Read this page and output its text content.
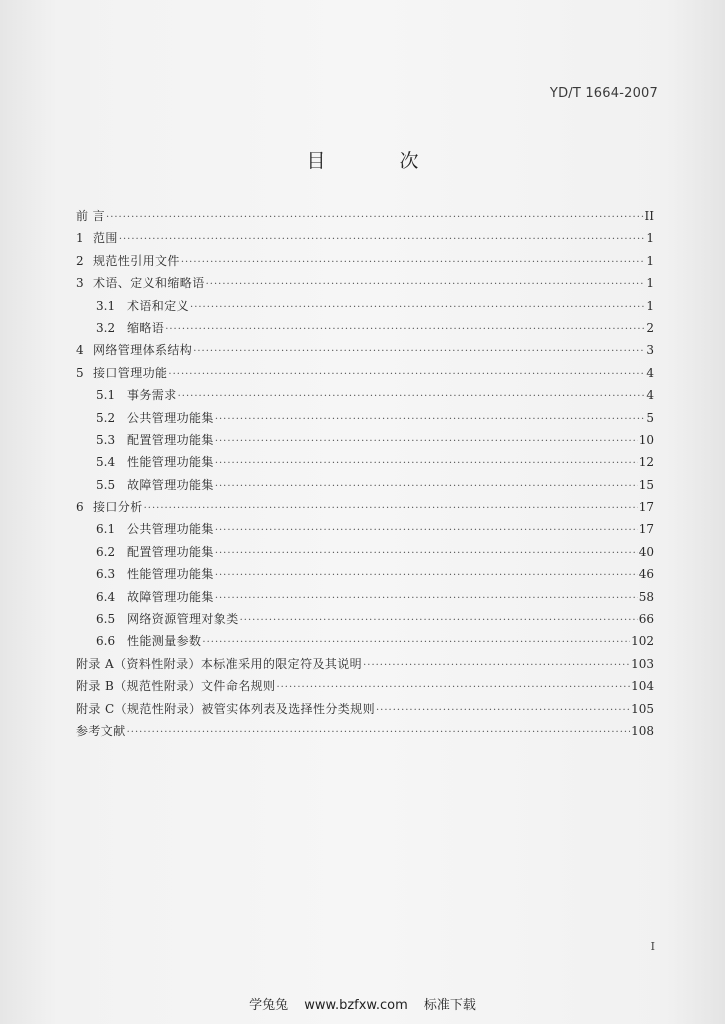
YD/T 1664-2007
目 次
前 言 ·····	II
1 范围 ·····	1
2 规范性引用文件 ·····	1
3 术语、定义和缩略语 ·····	1
3.1 术语和定义 ·····	1
3.2 缩略语 ·····	2
4 网络管理体系结构 ·····	3
5 接口管理功能 ·····	4
5.1 事务需求 ·····	4
5.2 公共管理功能集 ·····	5
5.3 配置管理功能集 ·····	10
5.4 性能管理功能集 ·····	12
5.5 故障管理功能集 ·····	15
6 接口分析 ·····	17
6.1 公共管理功能集 ·····	17
6.2 配置管理功能集 ·····	40
6.3 性能管理功能集 ·····	46
6.4 故障管理功能集 ·····	58
6.5 网络资源管理对象类 ·····	66
6.6 性能测量参数 ·····	102
附录 A（资料性附录）本标准采用的限定符及其说明 ·····	103
附录 B（规范性附录）文件命名规则 ·····	104
附录 C（规范性附录）被管实体列表及选择性分类规则 ·····	105
参考文献 ·····	108
I
学兔兔 www.bzfxw.com 标准下载
